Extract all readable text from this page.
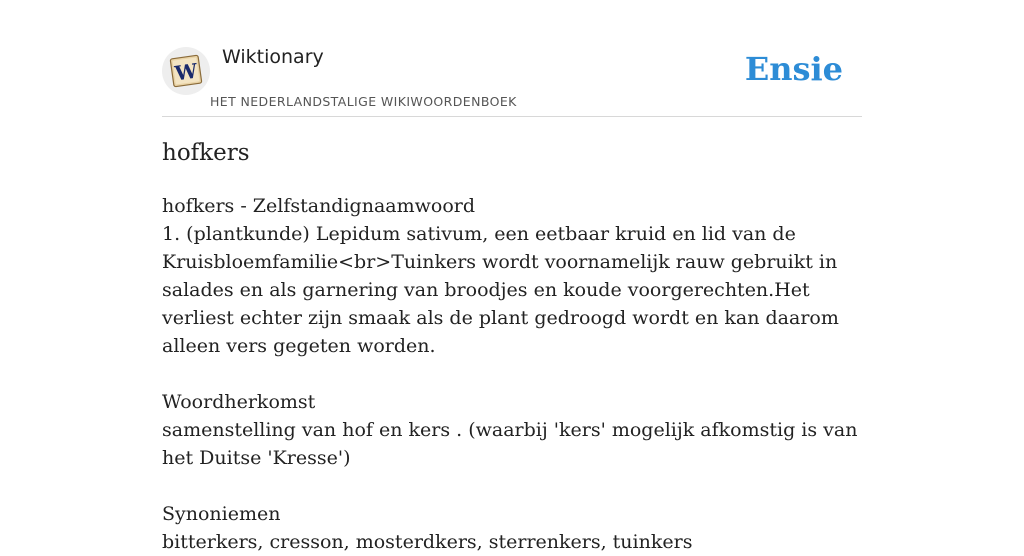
W
Wiktionary
HET NEDERLANDSTALIGE WIKIWOORDENBOEK
Ensie
hofkers

hofkers - Zelfstandignaamwoord

1. (plantkunde) Lepidum sativum, een eetbaar kruid en lid van de Kruisbloemfamilie<br>Tuinkers wordt voornamelijk rauw gebruikt in salades en als garnering van broodjes en koude voorgerechten.Het verliest echter zijn smaak als de plant gedroogd wordt en kan daarom alleen vers gegeten worden.

Woordherkomst

samenstelling van hof en kers . (waarbij 'kers' mogelijk afkomstig is van het Duitse 'Kresse')

Synoniemen

bitterkers, cresson, mosterdkers, sterrenkers, tuinkers
